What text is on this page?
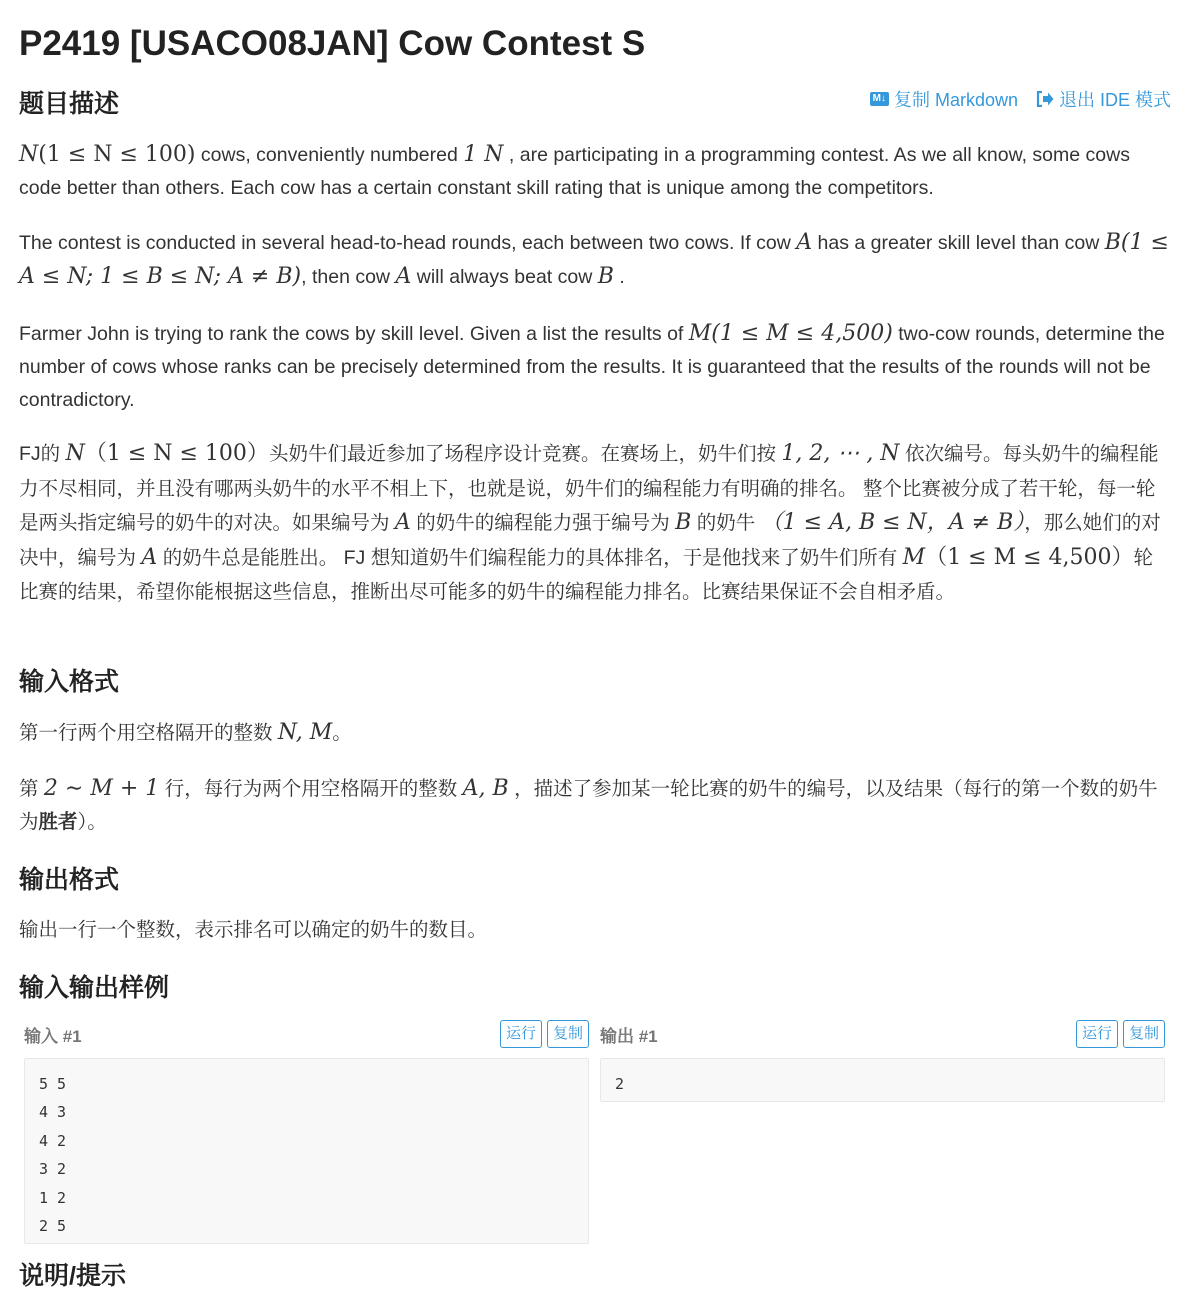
P2419 [USACO08JAN] Cow Contest S
题目描述	M↓ 复制 Markdown 退出 IDE 模式

N(1 ≤ N ≤ 100) cows, conveniently numbered 1 N , are participating in a programming contest. As we all know, some cows code better than others. Each cow has a certain constant skill rating that is unique among the competitors.

The contest is conducted in several head-to-head rounds, each between two cows. If cow A has a greater skill level than cow B(1 ≤ A ≤ N; 1 ≤ B ≤ N; A ≠ B), then cow A will always beat cow B .

Farmer John is trying to rank the cows by skill level. Given a list the results of M(1 ≤ M ≤ 4,500) two-cow rounds, determine the number of cows whose ranks can be precisely determined from the results. It is guaranteed that the results of the rounds will not be contradictory.

FJ的 N（1 ≤ N ≤ 100）头奶牛们最近参加了场程序设计竞赛。在赛场上，奶牛们按 1, 2, ⋯ , N 依次编号。每头奶牛的编程能力不尽相同，并且没有哪两头奶牛的水平不相上下，也就是说，奶牛们的编程能力有明确的排名。 整个比赛被分成了若干轮，每一轮是两头指定编号的奶牛的对决。如果编号为 A 的奶牛的编程能力强于编号为 B 的奶牛 （1 ≤ A, B ≤ N，A ≠ B），那么她们的对决中，编号为 A 的奶牛总是能胜出。 FJ 想知道奶牛们编程能力的具体排名，于是他找来了奶牛们所有 M（1 ≤ M ≤ 4,500）轮比赛的结果，希望你能根据这些信息，推断出尽可能多的奶牛的编程能力排名。比赛结果保证不会自相矛盾。

输入格式

第一行两个用空格隔开的整数 N, M。

第 2 ∼ M + 1 行，每行为两个用空格隔开的整数 A, B ，描述了参加某一轮比赛的奶牛的编号，以及结果（每行的第一个数的奶牛为胜者）。

输出格式

输出一行一个整数，表示排名可以确定的奶牛的数目。

输入输出样例
输入 #1	运行	复制
5 5
4 3
4 2
3 2
1 2
2 5
输出 #1	运行	复制
2
说明/提示
